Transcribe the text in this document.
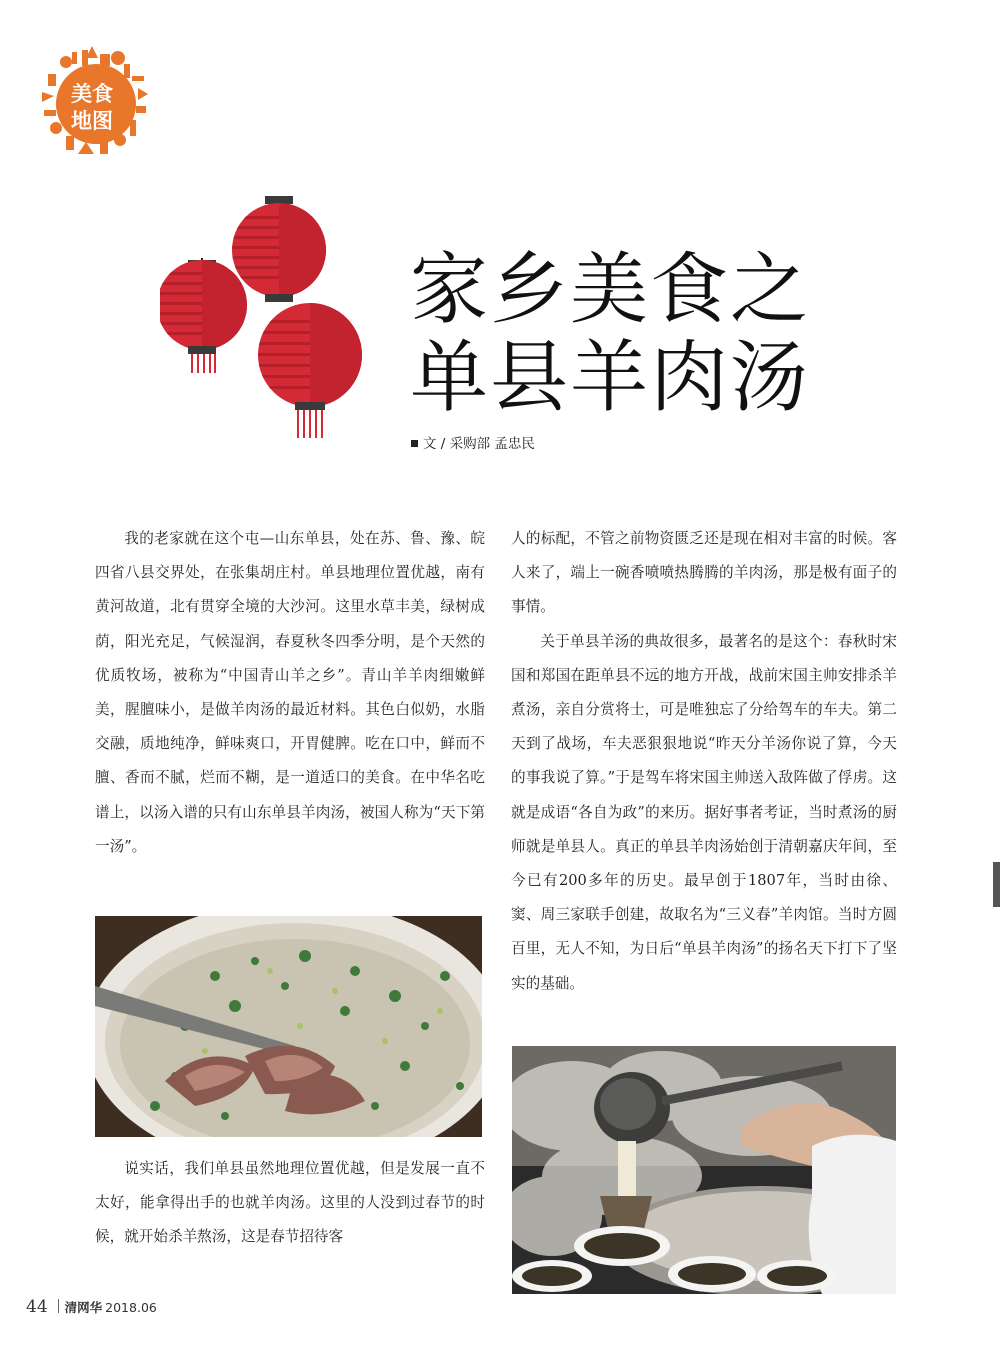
美食
地图
家乡美食之
单县羊肉汤
文 / 采购部 孟忠民

我的老家就在这个屯—山东单县，处在苏、鲁、豫、皖四省八县交界处，在张集胡庄村。单县地理位置优越，南有黄河故道，北有贯穿全境的大沙河。这里水草丰美，绿树成荫，阳光充足，气候湿润，春夏秋冬四季分明，是个天然的优质牧场，被称为“中国青山羊之乡”。青山羊羊肉细嫩鲜美，腥膻味小，是做羊肉汤的最近材料。其色白似奶，水脂交融，质地纯净，鲜味爽口，开胃健脾。吃在口中，鲜而不膻、香而不腻，烂而不糊，是一道适口的美食。在中华名吃谱上，以汤入谱的只有山东单县羊肉汤，被国人称为“天下第一汤”。

说实话，我们单县虽然地理位置优越，但是发展一直不太好，能拿得出手的也就羊肉汤。这里的人没到过春节的时候，就开始杀羊熬汤，这是春节招待客

人的标配，不管之前物资匮乏还是现在相对丰富的时候。客人来了，端上一碗香喷喷热腾腾的羊肉汤，那是极有面子的事情。

关于单县羊汤的典故很多，最著名的是这个：春秋时宋国和郑国在距单县不远的地方开战，战前宋国主帅安排杀羊煮汤，亲自分赏将士，可是唯独忘了分给驾车的车夫。第二天到了战场，车夫恶狠狠地说“昨天分羊汤你说了算，今天的事我说了算。”于是驾车将宋国主帅送入敌阵做了俘虏。这就是成语“各自为政”的来历。据好事者考证，当时煮汤的厨师就是单县人。真正的单县羊肉汤始创于清朝嘉庆年间，至今已有200多年的历史。最早创于1807年，当时由徐、窦、周三家联手创建，故取名为“三义春”羊肉馆。当时方圆百里，无人不知，为日后“单县羊肉汤”的扬名天下打下了坚实的基础。

44 清网华 2018.06
